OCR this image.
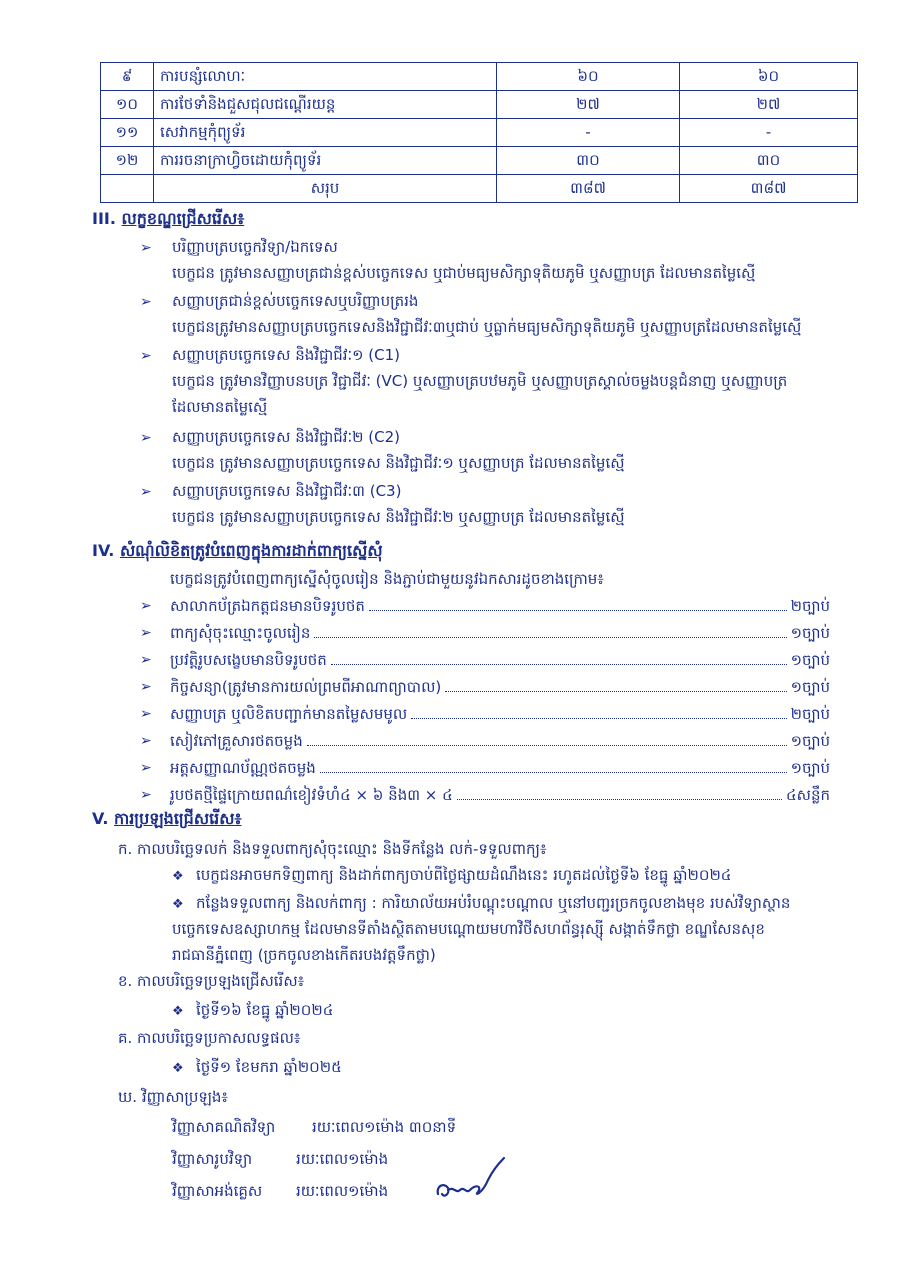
៩	ការបន្សំលោហៈ	៦០	៦០
១០	ការថែទាំនិងជួសជុលជណ្តើរយន្ត	២៧	២៧
១១	សេវាកម្មកុំព្យូទ័រ	-	-
១២	ការរចនាក្រាហ្វិចដោយកុំព្យូទ័រ	៣០	៣០
	សរុប	៣៨៧	៣៨៧
III. លក្ខខណ្ឌជ្រើសរើស៖
➢ បរិញ្ញាបត្របច្ចេកវិទ្យា/ឯកទេស
បេក្ខជន ត្រូវមានសញ្ញាបត្រជាន់ខ្ពស់បច្ចេកទេស ឬជាប់មធ្យមសិក្សាទុតិយភូមិ ឬសញ្ញាបត្រ ដែលមានតម្លៃស្មើ
➢ សញ្ញាបត្រជាន់ខ្ពស់បច្ចេកទេសឬបរិញ្ញាបត្ររង
បេក្ខជនត្រូវមានសញ្ញាបត្របច្ចេកទេសនិងវិជ្ជាជីវៈ៣ឬជាប់ ឬធ្លាក់មធ្យមសិក្សាទុតិយភូមិ ឬសញ្ញាបត្រដែលមានតម្លៃស្មើ
➢ សញ្ញាបត្របច្ចេកទេស និងវិជ្ជាជីវៈ១ (C1)
បេក្ខជន ត្រូវមានវិញ្ញាបនបត្រ វិជ្ជាជីវៈ (VC) ឬសញ្ញាបត្របឋមភូមិ ឬសញ្ញាបត្រស្គាល់ចម្លងបន្តជំនាញ ឬសញ្ញាបត្រ
ដែលមានតម្លៃស្មើ
➢ សញ្ញាបត្របច្ចេកទេស និងវិជ្ជាជីវៈ២ (C2)
បេក្ខជន ត្រូវមានសញ្ញាបត្របច្ចេកទេស និងវិជ្ជាជីវៈ១ ឬសញ្ញាបត្រ ដែលមានតម្លៃស្មើ
➢ សញ្ញាបត្របច្ចេកទេស និងវិជ្ជាជីវៈ៣ (C3)
បេក្ខជន ត្រូវមានសញ្ញាបត្របច្ចេកទេស និងវិជ្ជាជីវៈ២ ឬសញ្ញាបត្រ ដែលមានតម្លៃស្មើ
IV. សំណុំលិខិតត្រូវបំពេញក្នុងការដាក់ពាក្យស្នើសុំ
បេក្ខជនត្រូវបំពេញពាក្យស្នើសុំចូលរៀន និងភ្ជាប់ជាមួយនូវឯកសារដូចខាងក្រោម៖
➢ សាលាកប័ត្រឯកត្តជនមានបិទរូបថត	២ច្បាប់
➢ ពាក្យសុំចុះឈ្មោះចូលរៀន	១ច្បាប់
➢ ប្រវត្តិរូបសង្ខេបមានបិទរូបថត	១ច្បាប់
➢ កិច្ចសន្យា(ត្រូវមានការយល់ព្រមពីអាណាព្យាបាល)	១ច្បាប់
➢ សញ្ញាបត្រ ឬលិខិតបញ្ជាក់មានតម្លៃសមមូល	២ច្បាប់
➢ សៀវភៅគ្រួសារថតចម្លង	១ច្បាប់
➢ អត្តសញ្ញាណប័ណ្ណថតចម្លង	១ច្បាប់
➢ រូបថតថ្មីផ្ទៃក្រោយពណ៌ខៀវទំហំ៤ × ៦ និង៣ × ៤	៤សន្លឹក
V. ការប្រឡងជ្រើសរើស៖
ក. កាលបរិច្ឆេទលក់ និងទទួលពាក្យសុំចុះឈ្មោះ និងទីកន្លែង លក់-ទទួលពាក្យ៖
❖ បេក្ខជនអាចមកទិញពាក្យ និងដាក់ពាក្យចាប់ពីថ្ងៃផ្សាយដំណឹងនេះ រហូតដល់ថ្ងៃទី៦ ខែធ្នូ ឆ្នាំ២០២៤
❖ កន្លែងទទួលពាក្យ និងលក់ពាក្យ : ការិយាល័យអប់រំបណ្តុះបណ្តាល ឬនៅបញ្ជរច្រកចូលខាងមុខ របស់វិទ្យាស្ថាន
បច្ចេកទេសឧស្សាហកម្ម ដែលមានទីតាំងស្ថិតតាមបណ្តោយមហាវិថីសហព័ន្ធរុស្ស៊ី សង្កាត់ទឹកថ្លា ខណ្ឌសែនសុខ
រាជធានីភ្នំពេញ (ច្រកចូលខាងកើតរបងវត្តទឹកថ្លា)
ខ. កាលបរិច្ឆេទប្រឡងជ្រើសរើស៖
❖ ថ្ងៃទី១៦ ខែធ្នូ ឆ្នាំ២០២៤
គ. កាលបរិច្ឆេទប្រកាសលទ្ធផល៖
❖ ថ្ងៃទី១ ខែមករា ឆ្នាំ២០២៥
ឃ. វិញ្ញាសាប្រឡង៖
វិញ្ញាសាគណិតវិទ្យា រយៈពេល១ម៉ោង ៣០នាទី
វិញ្ញាសារូបវិទ្យា	រយៈពេល១ម៉ោង
វិញ្ញាសាអង់គ្លេស រយៈពេល១ម៉ោង
